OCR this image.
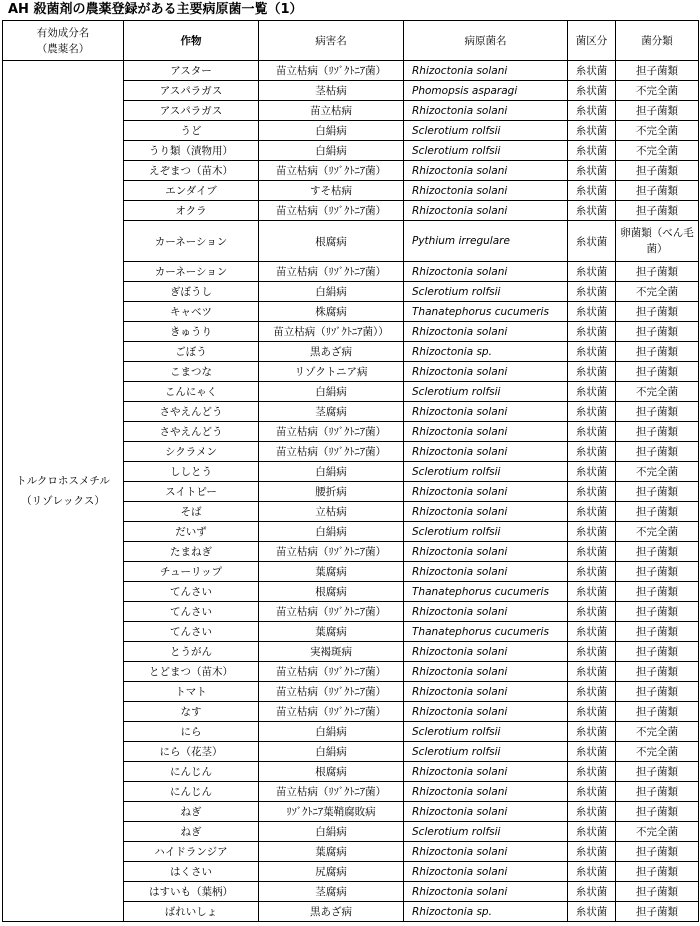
AH 殺菌剤の農薬登録がある主要病原菌一覧（1）
有効成分名
（農薬名）	作物	病害名	病原菌名	菌区分	菌分類

トルクロホスメチル
（リゾレックス）	アスター	苗立枯病（ﾘｿﾞｸﾄﾆｱ菌）	Rhizoctonia solani	糸状菌	担子菌類
	アスパラガス	茎枯病	Phomopsis asparagi	糸状菌	不完全菌
	アスパラガス	苗立枯病	Rhizoctonia solani	糸状菌	担子菌類
	うど	白絹病	Sclerotium rolfsii	糸状菌	不完全菌
	うり類（漬物用）	白絹病	Sclerotium rolfsii	糸状菌	不完全菌
	えぞまつ（苗木）	苗立枯病（ﾘｿﾞｸﾄﾆｱ菌）	Rhizoctonia solani	糸状菌	担子菌類
	エンダイブ	すそ枯病	Rhizoctonia solani	糸状菌	担子菌類
	オクラ	苗立枯病（ﾘｿﾞｸﾄﾆｱ菌）	Rhizoctonia solani	糸状菌	担子菌類
	カーネーション	根腐病	Pythium irregulare	糸状菌	卵菌類（べん毛菌）
	カーネーション	苗立枯病（ﾘｿﾞｸﾄﾆｱ菌）	Rhizoctonia solani	糸状菌	担子菌類
	ぎぼうし	白絹病	Sclerotium rolfsii	糸状菌	不完全菌
	キャベツ	株腐病	Thanatephorus cucumeris	糸状菌	担子菌類
	きゅうり	苗立枯病（ﾘｿﾞｸﾄﾆｱ菌））	Rhizoctonia solani	糸状菌	担子菌類
	ごぼう	黒あざ病	Rhizoctonia sp.	糸状菌	担子菌類
	こまつな	リゾクトニア病	Rhizoctonia solani	糸状菌	担子菌類
	こんにゃく	白絹病	Sclerotium rolfsii	糸状菌	不完全菌
	さやえんどう	茎腐病	Rhizoctonia solani	糸状菌	担子菌類
	さやえんどう	苗立枯病（ﾘｿﾞｸﾄﾆｱ菌）	Rhizoctonia solani	糸状菌	担子菌類
	シクラメン	苗立枯病（ﾘｿﾞｸﾄﾆｱ菌）	Rhizoctonia solani	糸状菌	担子菌類
	ししとう	白絹病	Sclerotium rolfsii	糸状菌	不完全菌
	スイトピー	腰折病	Rhizoctonia solani	糸状菌	担子菌類
	そば	立枯病	Rhizoctonia solani	糸状菌	担子菌類
	だいず	白絹病	Sclerotium rolfsii	糸状菌	不完全菌
	たまねぎ	苗立枯病（ﾘｿﾞｸﾄﾆｱ菌）	Rhizoctonia solani	糸状菌	担子菌類
	チューリップ	葉腐病	Rhizoctonia solani	糸状菌	担子菌類
	てんさい	根腐病	Thanatephorus cucumeris	糸状菌	担子菌類
	てんさい	苗立枯病（ﾘｿﾞｸﾄﾆｱ菌）	Rhizoctonia solani	糸状菌	担子菌類
	てんさい	葉腐病	Thanatephorus cucumeris	糸状菌	担子菌類
	とうがん	実褐斑病	Rhizoctonia solani	糸状菌	担子菌類
	とどまつ（苗木）	苗立枯病（ﾘｿﾞｸﾄﾆｱ菌）	Rhizoctonia solani	糸状菌	担子菌類
	トマト	苗立枯病（ﾘｿﾞｸﾄﾆｱ菌）	Rhizoctonia solani	糸状菌	担子菌類
	なす	苗立枯病（ﾘｿﾞｸﾄﾆｱ菌）	Rhizoctonia solani	糸状菌	担子菌類
	にら	白絹病	Sclerotium rolfsii	糸状菌	不完全菌
	にら（花茎）	白絹病	Sclerotium rolfsii	糸状菌	不完全菌
	にんじん	根腐病	Rhizoctonia solani	糸状菌	担子菌類
	にんじん	苗立枯病（ﾘｿﾞｸﾄﾆｱ菌）	Rhizoctonia solani	糸状菌	担子菌類
	ねぎ	ﾘｿﾞｸﾄﾆｱ葉鞘腐敗病	Rhizoctonia solani	糸状菌	担子菌類
	ねぎ	白絹病	Sclerotium rolfsii	糸状菌	不完全菌
	ハイドランジア	葉腐病	Rhizoctonia solani	糸状菌	担子菌類
	はくさい	尻腐病	Rhizoctonia solani	糸状菌	担子菌類
	はすいも（葉柄）	茎腐病	Rhizoctonia solani	糸状菌	担子菌類
	ばれいしょ	黒あざ病	Rhizoctonia sp.	糸状菌	担子菌類
